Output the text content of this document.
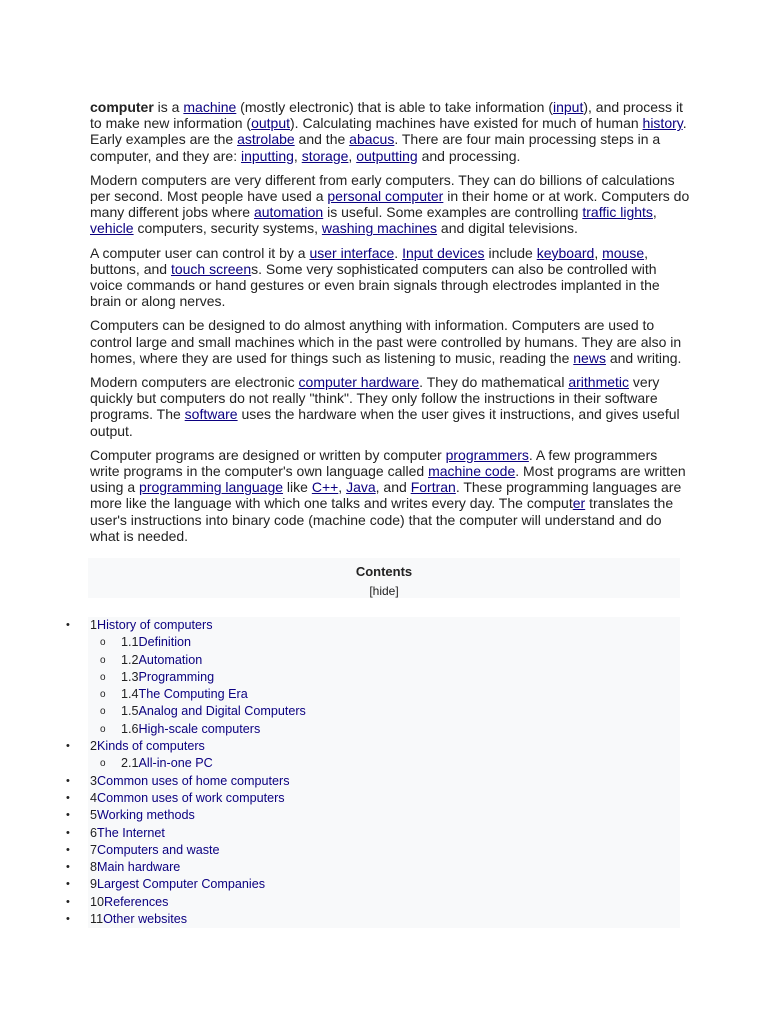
computer is a machine (mostly electronic) that is able to take information (input), and process it to make new information (output). Calculating machines have existed for much of human history. Early examples are the astrolabe and the abacus. There are four main processing steps in a computer, and they are: inputting, storage, outputting and processing.

Modern computers are very different from early computers. They can do billions of calculations per second. Most people have used a personal computer in their home or at work. Computers do many different jobs where automation is useful. Some examples are controlling traffic lights, vehicle computers, security systems, washing machines and digital televisions.

A computer user can control it by a user interface. Input devices include keyboard, mouse, buttons, and touch screens. Some very sophisticated computers can also be controlled with voice commands or hand gestures or even brain signals through electrodes implanted in the brain or along nerves.

Computers can be designed to do almost anything with information. Computers are used to control large and small machines which in the past were controlled by humans. They are also in homes, where they are used for things such as listening to music, reading the news and writing.

Modern computers are electronic computer hardware. They do mathematical arithmetic very quickly but computers do not really "think". They only follow the instructions in their software programs. The software uses the hardware when the user gives it instructions, and gives useful output.

Computer programs are designed or written by computer programmers. A few programmers write programs in the computer's own language called machine code. Most programs are written using a programming language like C++, Java, and Fortran. These programming languages are more like the language with which one talks and writes every day. The computer translates the user's instructions into binary code (machine code) that the computer will understand and do what is needed.

Contents
[hide]
• 1History of computers
o 1.1Definition
o 1.2Automation
o 1.3Programming
o 1.4The Computing Era
o 1.5Analog and Digital Computers
o 1.6High-scale computers
• 2Kinds of computers
o 2.1All-in-one PC
• 3Common uses of home computers
• 4Common uses of work computers
• 5Working methods
• 6The Internet
• 7Computers and waste
• 8Main hardware
• 9Largest Computer Companies
• 10References
• 11Other websites
